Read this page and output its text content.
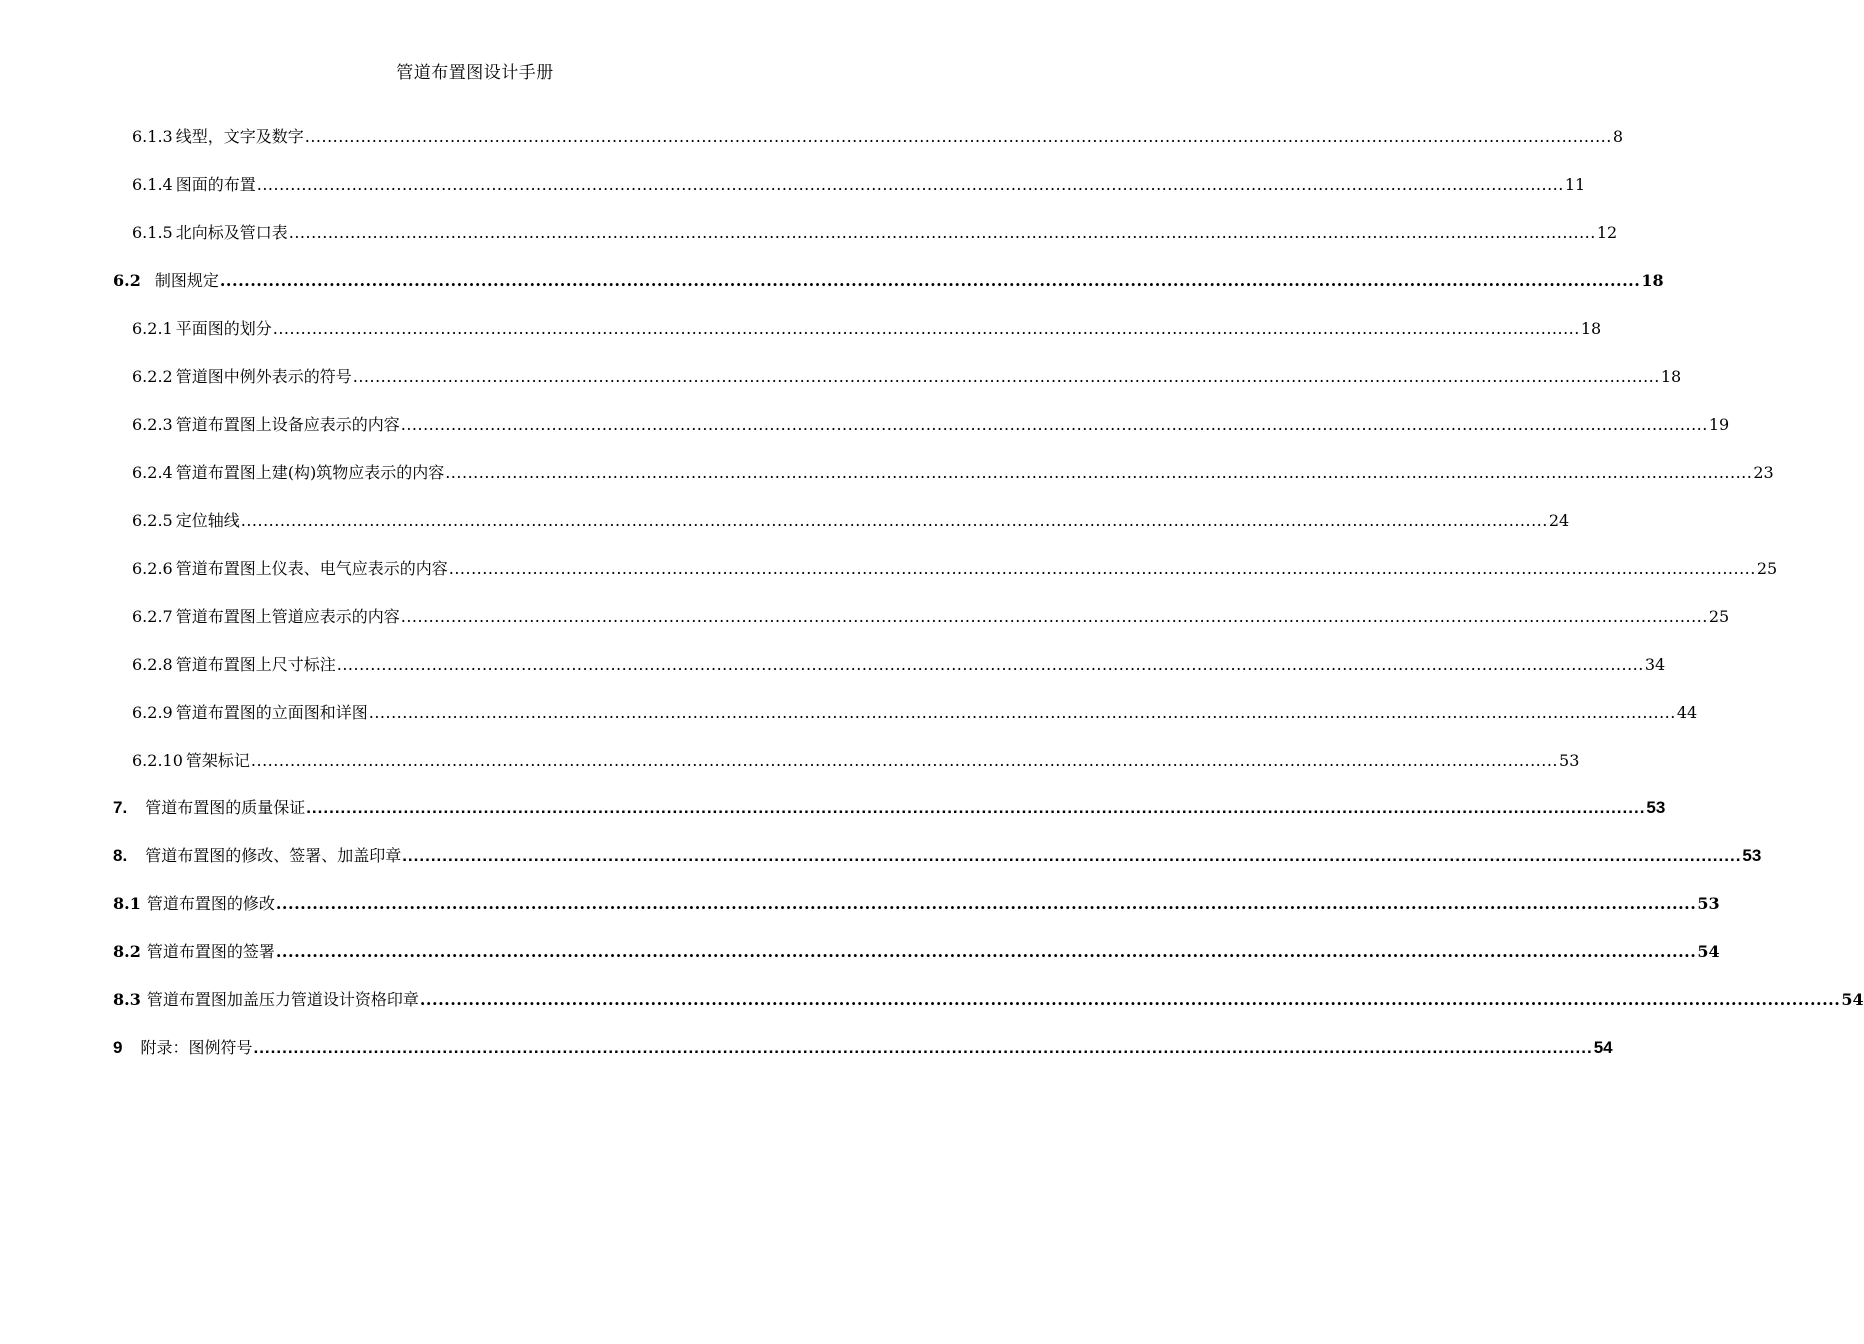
管道布置图设计手册
6.1.3 线型，文字及数字 .......................................................................................................................................................................................................................................... 8
6.1.4 图面的布置 .......................................................................................................................................................................................................................................... 11
6.1.5 北向标及管口表 .......................................................................................................................................................................................................................................... 12
6.2 制图规定 .......................................................................................................................................................................................................................................... 18
6.2.1 平面图的划分 .......................................................................................................................................................................................................................................... 18
6.2.2 管道图中例外表示的符号 .......................................................................................................................................................................................................................................... 18
6.2.3 管道布置图上设备应表示的内容 .......................................................................................................................................................................................................................................... 19
6.2.4 管道布置图上建(构)筑物应表示的内容 .......................................................................................................................................................................................................................................... 23
6.2.5 定位轴线 .......................................................................................................................................................................................................................................... 24
6.2.6 管道布置图上仪表、电气应表示的内容 .......................................................................................................................................................................................................................................... 25
6.2.7 管道布置图上管道应表示的内容 .......................................................................................................................................................................................................................................... 25
6.2.8 管道布置图上尺寸标注 .......................................................................................................................................................................................................................................... 34
6.2.9 管道布置图的立面图和详图 .......................................................................................................................................................................................................................................... 44
6.2.10 管架标记 .......................................................................................................................................................................................................................................... 53
7. 管道布置图的质量保证 .......................................................................................................................................................................................................................................... 53
8. 管道布置图的修改、签署、加盖印章 .......................................................................................................................................................................................................................................... 53
8.1 管道布置图的修改 .......................................................................................................................................................................................................................................... 53
8.2 管道布置图的签署 .......................................................................................................................................................................................................................................... 54
8.3 管道布置图加盖压力管道设计资格印章 .......................................................................................................................................................................................................................................... 54
9 附录：图例符号 .......................................................................................................................................................................................................................................... 54
